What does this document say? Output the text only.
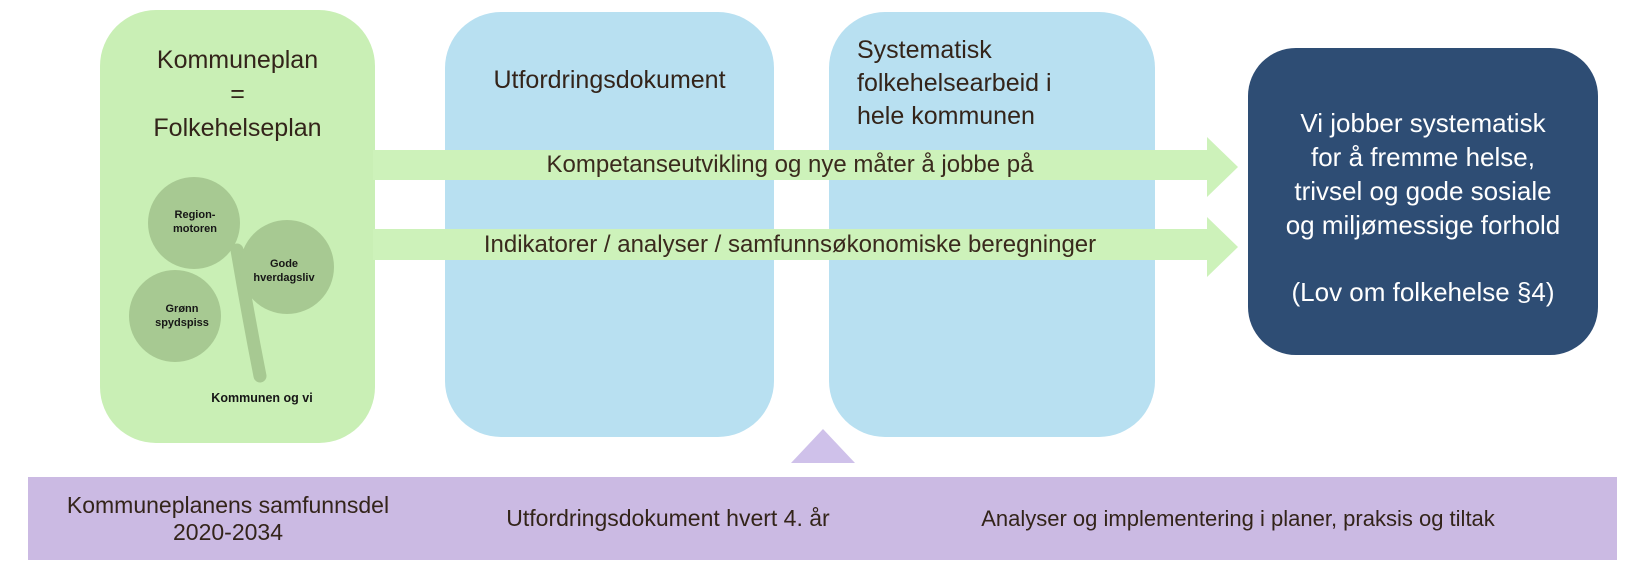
Kommuneplan
=
Folkehelseplan
Region-
motoren
Gode
hverdagsliv
Grønn
spydspiss
Kommunen og vi
Utfordringsdokument
Systematisk
folkehelsearbeid i
hele kommunen	Vi jobber systematisk
for å fremme helse,
trivsel og gode sosiale
og miljømessige forhold
(Lov om folkehelse §4)
Kompetanseutvikling og nye måter å jobbe på
Indikatorer / analyser / samfunnsøkonomiske beregninger
Kommuneplanens samfunnsdel
2020-2034
Utfordringsdokument hvert 4. år	Analyser og implementering i planer, praksis og tiltak
